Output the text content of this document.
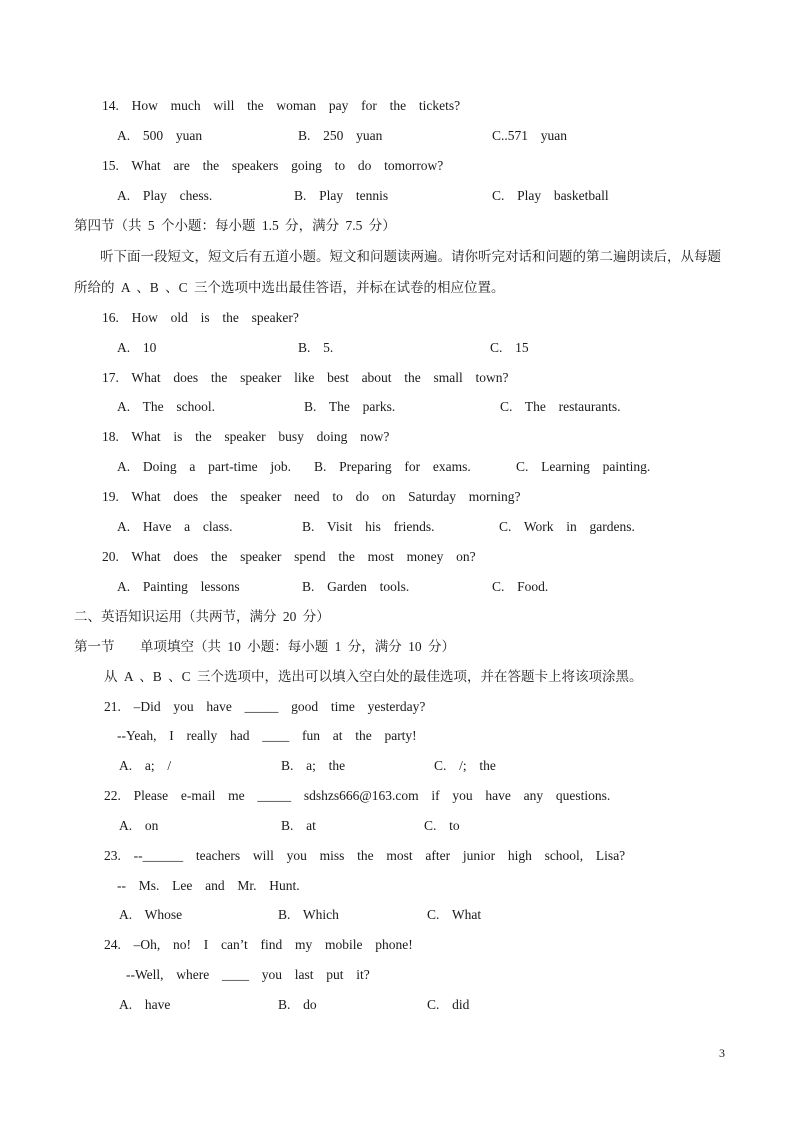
14.  How  much  will  the  woman  pay  for  the  tickets?
A.  500  yuan	B.  250  yuan	C..571  yuan
15.  What  are  the  speakers  going  to  do  tomorrow?
A.  Play  chess.	B.  Play  tennis	C.  Play  basketball
第四节（共 5 个小题：每小题 1.5 分，满分 7.5 分）
听下面一段短文，短文后有五道小题。短文和问题读两遍。请你听完对话和问题的第二遍朗读后，从每题
所给的 A 、B 、C 三个选项中选出最佳答语，并标在试卷的相应位置。
16.  How  old  is  the  speaker?
A.  10	B.  5.	C.  15
17.  What  does  the  speaker  like  best  about  the  small  town?
A.  The  school.	B.  The  parks.	C.  The  restaurants.
18.  What  is  the  speaker  busy  doing  now?
A.  Doing  a  part-time  job. B.  Preparing  for  exams.	C.  Learning  painting.
19.  What  does  the  speaker  need  to  do  on  Saturday  morning?
A.  Have  a  class.	B.  Visit  his  friends.	C.  Work  in  gardens.
20.  What  does  the  speaker  spend  the  most  money  on?
A.  Painting  lessons	B.  Garden  tools.	C.  Food.
二、英语知识运用（共两节，满分 20 分）
第一节    单项填空（共 10 小题：每小题 1 分，满分 10 分）
从 A 、B 、C 三个选项中，选出可以填入空白处的最佳选项，并在答题卡上将该项涂黑。
21.  –Did  you  have  _____  good  time  yesterday?
--Yeah,  I  really  had  ____  fun  at  the  party!
A.  a;  /	B.  a;  the	C.  /;  the
22.  Please  e-mail  me  _____  sdshzs666@163.com  if  you  have  any  questions.
A.  on	B.  at	C.  to
23.  --______  teachers  will  you  miss  the  most  after  junior  high  school,  Lisa?
--  Ms.  Lee  and  Mr.  Hunt.
A.  Whose	B.  Which	C.  What
24.  –Oh,  no!  I  can’t  find  my  mobile  phone!
--Well,  where  ____  you  last  put  it?
A.  have	B.  do	C.  did
3
